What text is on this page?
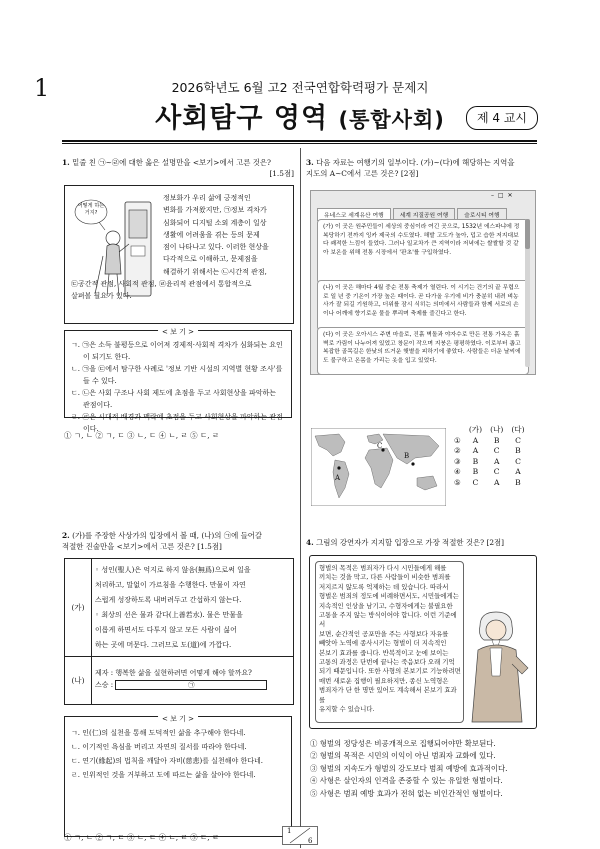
1	2026학년도 6월 고2 전국연합학력평가 문제지
사회탐구 영역 (통합사회)	제 4 교시
1. 밑줄 친 ㉠~㉣에 대한 옳은 설명만을 <보기>에서 고른 것은?
[1.5점]
어떻게 하는 거지?
정보화가 우리 삶에 긍정적인
변화를 가져왔지만, ㉠정보 격차가
심화되어 디지털 소외 계층이 일상
생활에 어려움을 겪는 등의 문제
점이 나타나고 있다. 이러한 현상을
다각적으로 이해하고, 문제점을
해결하기 위해서는 ㉡시간적 관점,
㉢공간적 관점, 사회적 관점, ㉣윤리적 관점에서 통합적으로
살펴볼 필요가 있다.
< 보 기 >
ㄱ. ㉠은 소득 불평등으로 이어져 경제적·사회적 격차가 심화되는 요인이 되기도 한다.
ㄴ. ㉠을 ㉢에서 탐구한 사례로 '정보 기반 시설의 지역별 현황 조사'를 들 수 있다.
ㄷ. ㉡은 사회 구조나 사회 제도에 초점을 두고 사회현상을 파악하는 관점이다.
ㄹ. ㉣은 시대적 배경과 맥락에 초점을 두고 사회현상을 파악하는 관점이다.
① ㄱ, ㄴ ② ㄱ, ㄷ ③ ㄴ, ㄷ ④ ㄴ, ㄹ ⑤ ㄷ, ㄹ
2. (가)를 주장한 사상가의 입장에서 볼 때, (나)의 ㉠에 들어갈
적절한 진술만을 <보기>에서 고른 것은? [1.5점]
(가)
◦ 성인(聖人)은 억지로 하지 않음(無爲)으로써 일을
처리하고, 말없이 가르침을 수행한다. 만물이 자연
스럽게 성장하도록 내버려두고 간섭하지 않는다.
◦ 최상의 선은 물과 같다(上善若水). 물은 만물을
이롭게 하면서도 다투지 않고 모든 사람이 싫어
하는 곳에 머문다. 그러므로 도(道)에 가깝다.
(나)
제자 : 행복한 삶을 실현하려면 어떻게 해야 할까요?
스승 :	㉠
< 보 기 >
ㄱ. 인(仁)의 실천을 통해 도덕적인 삶을 추구해야 한다네.
ㄴ. 이기적인 욕심을 버리고 자연의 질서를 따라야 한다네.
ㄷ. 연기(緣起)의 법칙을 깨달아 자비(慈悲)를 실천해야 한다네.
ㄹ. 인위적인 것을 거부하고 도에 따르는 삶을 살아야 한다네.
① ㄱ, ㄴ ② ㄱ, ㄷ ③ ㄴ, ㄷ ④ ㄴ, ㄹ ⑤ ㄷ, ㄹ
3. 다음 자료는 여행기의 일부이다. (가)~(다)에 해당하는 지역을
지도의 A~C에서 고른 것은? [2점]
– □ ✕
유네스코 세계유산 여행	세계 지질공원 여행	슬로시티 여행
(가) 이 곳은 원주민들이 세상의 중심이라 여긴 곳으로, 1532년 에스파냐에 정복당하기 전까지 잉카 제국의 수도였다. 해발 고도가 높아, 덥고 습한 저지대보다 쾌적한 느낌이 들었다. 그러나 일교차가 큰 지역이라 저녁에는 쌀쌀할 것 같아 보온을 위해 전통 시장에서 '판초'를 구입하였다.
(나) 이 곳은 해마다 4월 중순 전통 축제가 열린다. 이 시기는 건기의 끝 무렵으로 일 년 중 기온이 가장 높은 때이다. 곧 다가올 우기에 비가 충분히 내려 벼농사가 잘 되길 기원하고, 더위를 잠시 식히는 의미에서 사람들과 함께 서로의 손이나 어깨에 향기로운 물을 뿌리며 축제를 즐긴다고 한다.
(다) 이 곳은 오아시스 주변 마을로, 진흙 벽돌과 야자수로 만든 전통 가옥은 흙벽로 가림이 나누어져 있었고 창문이 작으며 지붕은 평평하였다. 이로부터 좁고 복잡한 골목길은 한낮의 뜨거운 햇볕을 피하기에 좋았다. 사람들은 더운 날씨에도 불구하고 온몸을 가리는 옷을 입고 있었다.
A
B
C
	(가)	(나)	(다)
①	A	B	C
②	A	C	B
③	B	A	C
④	B	C	A
⑤	C	A	B
4. 그림의 강연자가 지지할 입장으로 가장 적절한 것은? [2점]
형벌의 목적은 범죄자가 다시 시민들에게 해를
끼치는 것을 막고, 다른 사람들이 비슷한 범죄를
저지르지 않도록 억제하는 데 있습니다. 따라서
형벌은 범죄의 정도에 비례하면서도, 시민들에게는
지속적인 인상을 남기고, 수형자에게는 불필요한
고통을 주지 않는 방식이어야 합니다. 이런 기준에서
보면, 순간적인 공포만을 주는 사형보다 자유를
빼앗아 노역에 종사시키는 형벌이 더 지속적인
본보기 효과를 줍니다. 반복적이고 눈에 보이는
고통의 과정은 단번에 끝나는 죽음보다 오래 기억
되기 때문입니다. 또한 사형의 본보기로 기능하려면
매번 새로운 집행이 필요하지만, 종신 노역형은
범죄자가 단 한 명만 있어도 계속해서 본보기 효과를
유지할 수 있습니다.
① 형벌의 정당성은 비공개적으로 집행되어야만 확보된다.
② 형벌의 목적은 시민의 이익이 아닌 범죄자 교화에 있다.
③ 형벌의 지속도가 형벌의 강도보다 범죄 예방에 효과적이다.
④ 사형은 살인자의 인격을 존중할 수 있는 유일한 형벌이다.
⑤ 사형은 범죄 예방 효과가 전혀 없는 비인간적인 형벌이다.
1
6
